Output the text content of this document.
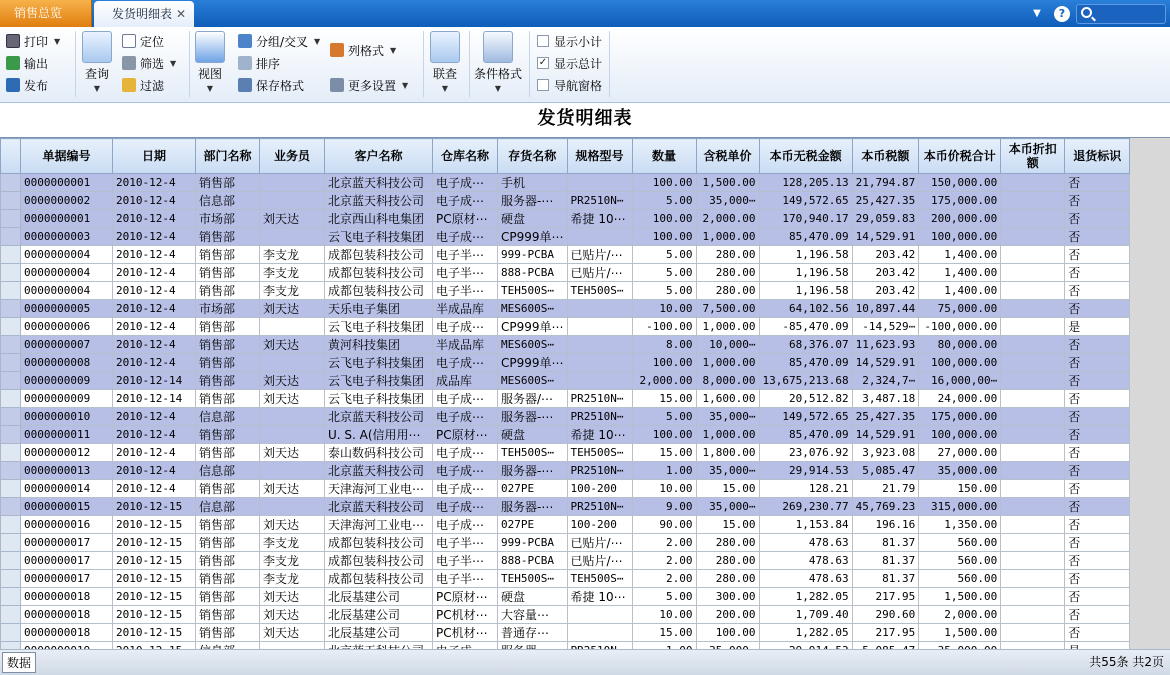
销售总览	发货明细表 ✕	▼	?
打印 ▼
输出
发布
查询
▼
定位
筛选 ▼
过滤
视图
▼
分组/交叉 ▼
排序
保存格式
列格式 ▼
更多设置 ▼
联查
▼
条件格式
▼
显示小计
✓ 显示总计
导航窗格
发货明细表
	单据编号	日期	部门名称	业务员	客户名称	仓库名称	存货名称	规格型号	数量	含税单价	本币无税金额	本币税额	本币价税合计	本币折扣额	退货标识
	0000000001	2010-12-4	销售部		北京蓝天科技公司	电子成⋯	手机		100.00	1,500.00	128,205.13	21,794.87	150,000.00		否
	0000000002	2010-12-4	信息部		北京蓝天科技公司	电子成⋯	服务器-⋯	PR2510N⋯	5.00	35,000⋯	149,572.65	25,427.35	175,000.00		否
	0000000001	2010-12-4	市场部	刘天达	北京西山科电集团	PC原材⋯	硬盘	希捷 10⋯	100.00	2,000.00	170,940.17	29,059.83	200,000.00		否
	0000000003	2010-12-4	销售部		云飞电子科技集团	电子成⋯	CP999单⋯		100.00	1,000.00	85,470.09	14,529.91	100,000.00		否
	0000000004	2010-12-4	销售部	李支龙	成都包装科技公司	电子半⋯	999-PCBA	已贴片/⋯	5.00	280.00	1,196.58	203.42	1,400.00		否
	0000000004	2010-12-4	销售部	李支龙	成都包装科技公司	电子半⋯	888-PCBA	已贴片/⋯	5.00	280.00	1,196.58	203.42	1,400.00		否
	0000000004	2010-12-4	销售部	李支龙	成都包装科技公司	电子半⋯	TEH500S⋯	TEH500S⋯	5.00	280.00	1,196.58	203.42	1,400.00		否
	0000000005	2010-12-4	市场部	刘天达	天乐电子集团	半成品库	MES600S⋯		10.00	7,500.00	64,102.56	10,897.44	75,000.00		否
	0000000006	2010-12-4	销售部		云飞电子科技集团	电子成⋯	CP999单⋯		-100.00	1,000.00	-85,470.09	-14,529⋯	-100,000.00		是
	0000000007	2010-12-4	销售部	刘天达	黄河科技集团	半成品库	MES600S⋯		8.00	10,000⋯	68,376.07	11,623.93	80,000.00		否
	0000000008	2010-12-4	销售部		云飞电子科技集团	电子成⋯	CP999单⋯		100.00	1,000.00	85,470.09	14,529.91	100,000.00		否
	0000000009	2010-12-14	销售部	刘天达	云飞电子科技集团	成品库	MES600S⋯		2,000.00	8,000.00	13,675,213.68	2,324,7⋯	16,000,00⋯		否
	0000000009	2010-12-14	销售部	刘天达	云飞电子科技集团	电子成⋯	服务器/⋯	PR2510N⋯	15.00	1,600.00	20,512.82	3,487.18	24,000.00		否
	0000000010	2010-12-4	信息部		北京蓝天科技公司	电子成⋯	服务器-⋯	PR2510N⋯	5.00	35,000⋯	149,572.65	25,427.35	175,000.00		否
	0000000011	2010-12-4	销售部		U. S. A(信用用⋯	PC原材⋯	硬盘	希捷 10⋯	100.00	1,000.00	85,470.09	14,529.91	100,000.00		否
	0000000012	2010-12-4	销售部	刘天达	泰山数码科技公司	电子成⋯	TEH500S⋯	TEH500S⋯	15.00	1,800.00	23,076.92	3,923.08	27,000.00		否
	0000000013	2010-12-4	信息部		北京蓝天科技公司	电子成⋯	服务器-⋯	PR2510N⋯	1.00	35,000⋯	29,914.53	5,085.47	35,000.00		否
	0000000014	2010-12-4	销售部	刘天达	天津海河工业电⋯	电子成⋯	027PE	100-200	10.00	15.00	128.21	21.79	150.00		否
	0000000015	2010-12-15	信息部		北京蓝天科技公司	电子成⋯	服务器-⋯	PR2510N⋯	9.00	35,000⋯	269,230.77	45,769.23	315,000.00		否
	0000000016	2010-12-15	销售部	刘天达	天津海河工业电⋯	电子成⋯	027PE	100-200	90.00	15.00	1,153.84	196.16	1,350.00		否
	0000000017	2010-12-15	销售部	李支龙	成都包装科技公司	电子半⋯	999-PCBA	已贴片/⋯	2.00	280.00	478.63	81.37	560.00		否
	0000000017	2010-12-15	销售部	李支龙	成都包装科技公司	电子半⋯	888-PCBA	已贴片/⋯	2.00	280.00	478.63	81.37	560.00		否
	0000000017	2010-12-15	销售部	李支龙	成都包装科技公司	电子半⋯	TEH500S⋯	TEH500S⋯	2.00	280.00	478.63	81.37	560.00		否
	0000000018	2010-12-15	销售部	刘天达	北辰基建公司	PC原材⋯	硬盘	希捷 10⋯	5.00	300.00	1,282.05	217.95	1,500.00		否
	0000000018	2010-12-15	销售部	刘天达	北辰基建公司	PC机材⋯	大容量⋯		10.00	200.00	1,709.40	290.60	2,000.00		否
	0000000018	2010-12-15	销售部	刘天达	北辰基建公司	PC机材⋯	普通存⋯		15.00	100.00	1,282.05	217.95	1,500.00		否

数据	共55条 共2页
